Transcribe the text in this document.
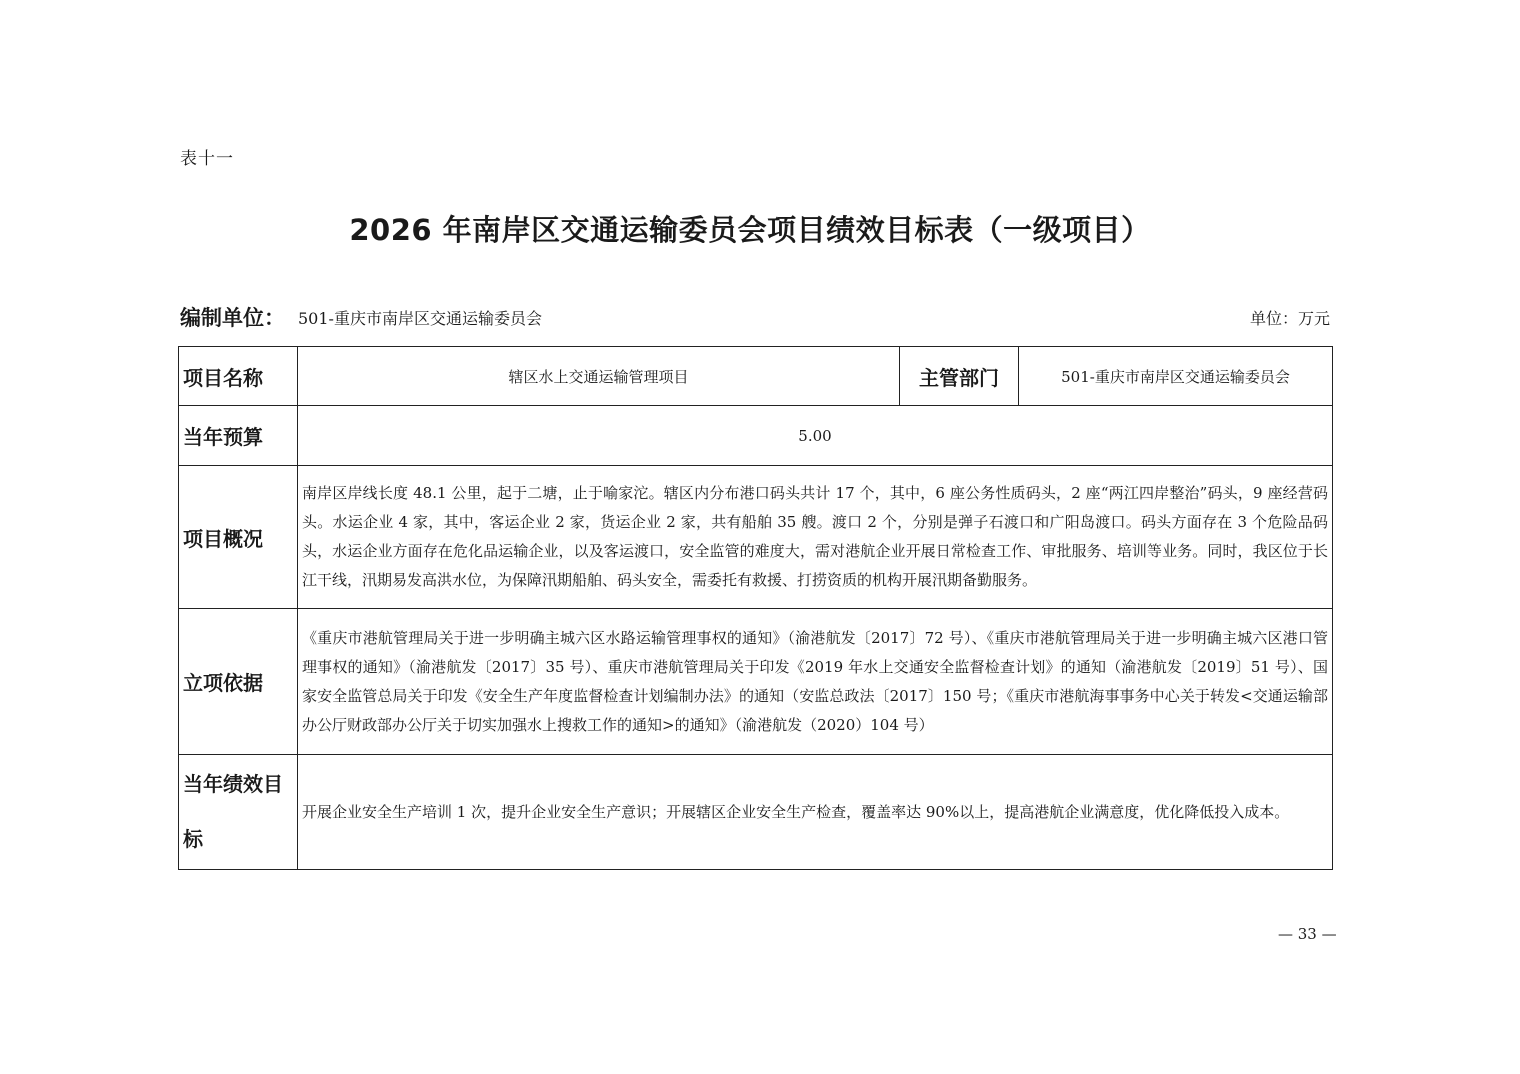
表十一
2026 年南岸区交通运输委员会项目绩效目标表（一级项目）
编制单位： 501-重庆市南岸区交通运输委员会	单位：万元
项目名称	辖区水上交通运输管理项目	主管部门	501-重庆市南岸区交通运输委员会
当年预算	5.00		
项目概况	南岸区岸线长度 48.1 公里，起于二塘，止于喻家沱。辖区内分布港口码头共计 17 个，其中，6 座公务性质码头，2 座“两江四岸整治”码头，9 座经营码头。水运企业 4 家，其中，客运企业 2 家，货运企业 2 家，共有船舶 35 艘。渡口 2 个，分别是弹子石渡口和广阳岛渡口。码头方面存在 3 个危险品码头，水运企业方面存在危化品运输企业，以及客运渡口，安全监管的难度大，需对港航企业开展日常检查工作、审批服务、培训等业务。同时，我区位于长江干线，汛期易发高洪水位，为保障汛期船舶、码头安全，需委托有救援、打捞资质的机构开展汛期备勤服务。		
立项依据	《重庆市港航管理局关于进一步明确主城六区水路运输管理事权的通知》（渝港航发〔2017〕72 号）、《重庆市港航管理局关于进一步明确主城六区港口管理事权的通知》（渝港航发〔2017〕35 号）、重庆市港航管理局关于印发《2019 年水上交通安全监督检查计划》的通知（渝港航发〔2019〕51 号）、国家安全监管总局关于印发《安全生产年度监督检查计划编制办法》的通知（安监总政法〔2017〕150 号；《重庆市港航海事事务中心关于转发<交通运输部办公厅财政部办公厅关于切实加强水上搜救工作的通知>的通知》（渝港航发（2020）104 号）		
当年绩效目标	开展企业安全生产培训 1 次，提升企业安全生产意识；开展辖区企业安全生产检查，覆盖率达 90%以上，提高港航企业满意度，优化降低投入成本。		
— 33 —
